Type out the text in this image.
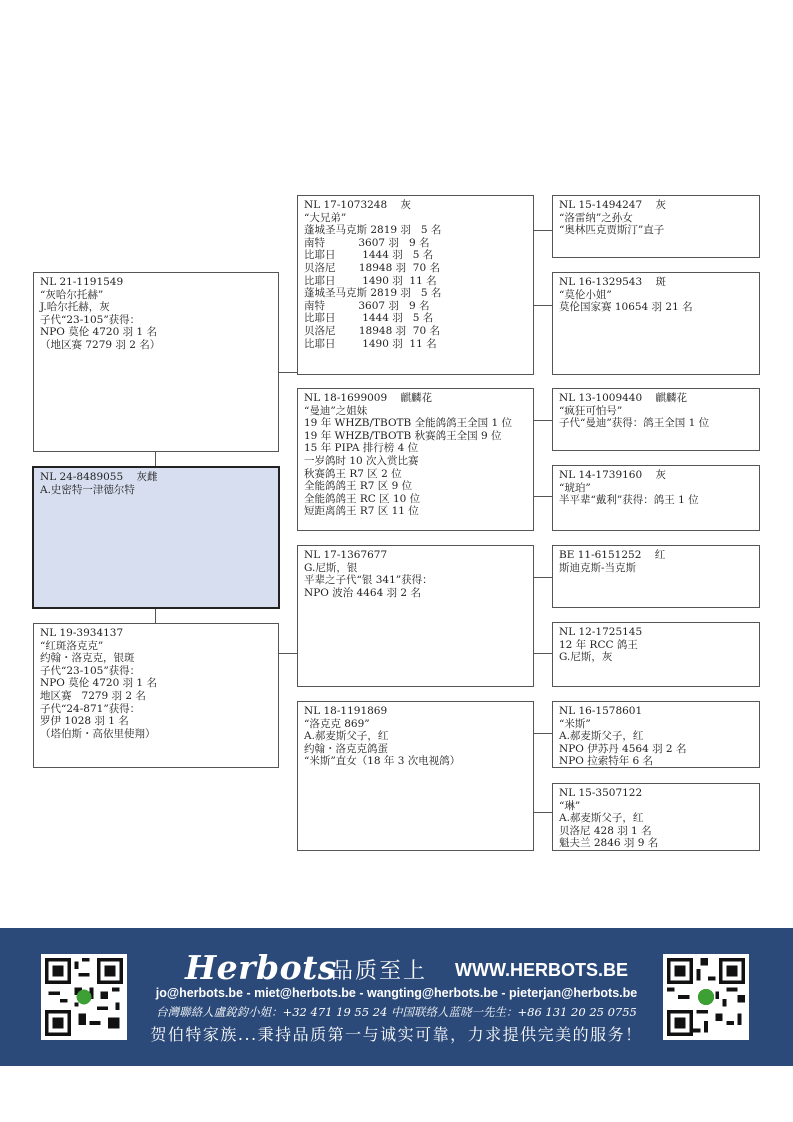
NL 21-1191549
“灰哈尔托赫”
J.哈尔托赫，灰
子代“23-105”获得：
NPO 莫伦 4720 羽 1 名
（地区赛 7279 羽 2 名）
NL 24-8489055    灰雌
A.史密特一津德尔特
NL 19-3934137
“红斑洛克克”
约翰・洛克克，银斑
子代“23-105”获得：
NPO 莫伦 4720 羽 1 名
地区赛   7279 羽 2 名
子代“24-871”获得：
罗伊 1028 羽 1 名
（塔伯斯・高依里使翔）
NL 17-1073248    灰
“大兄弟”
蓬城圣马克斯 2819 羽   5 名
南特          3607 羽   9 名
比耶日        1444 羽   5 名
贝洛尼       18948 羽  70 名
比耶日        1490 羽  11 名
蓬城圣马克斯 2819 羽   5 名
南特          3607 羽   9 名
比耶日        1444 羽   5 名
贝洛尼       18948 羽  70 名
比耶日        1490 羽  11 名
NL 18-1699009    麒麟花
“曼迪”之姐妹
19 年 WHZB/TBOTB 全能鸽鸽王全国 1 位
19 年 WHZB/TBOTB 秋赛鸽王全国 9 位
15 年 PIPA 排行榜 4 位
一岁鸽时 10 次入赏比赛
秋赛鸽王 R7 区 2 位
全能鸽鸽王 R7 区 9 位
全能鸽鸽王 RC 区 10 位
短距离鸽王 R7 区 11 位
NL 17-1367677
G.尼斯，银
平辈之子代“银 341”获得：
NPO 波治 4464 羽 2 名
NL 18-1191869
“洛克克 869”
A.郝麦斯父子，红
约翰・洛克克鸽蛋
“米斯”直女（18 年 3 次电视鸽）
NL 15-1494247    灰
“洛雷纳”之孙女
“奥林匹克贾斯汀”直子
NL 16-1329543    斑
“莫伦小姐”
莫伦国家赛 10654 羽 21 名
NL 13-1009440    麒麟花
“疯狂可怕号”
子代“曼迪”获得：鸽王全国 1 位
NL 14-1739160    灰
“琥珀”
半平辈“戴利”获得：鸽王 1 位
BE 11-6151252    红
斯迪克斯-当克斯
NL 12-1725145
12 年 RCC 鸽王
G.尼斯，灰
NL 16-1578601
“米斯”
A.郝麦斯父子，红
NPO 伊苏丹 4564 羽 2 名
NPO 拉索特年 6 名
NL 15-3507122
“琳”
A.郝麦斯父子，红
贝洛尼 428 羽 1 名
魁夫兰 2846 羽 9 名
Herbots
品质至上 WWW.HERBOTS.BE
jo@herbots.be - miet@herbots.be - wangting@herbots.be - pieterjan@herbots.be
台灣聯絡人盧銳鈞小姐：+32 471 19 55 24 中国联络人蓝晓一先生：+86 131 20 25 0755
贺伯特家族...秉持品质第一与诚实可靠，力求提供完美的服务！
